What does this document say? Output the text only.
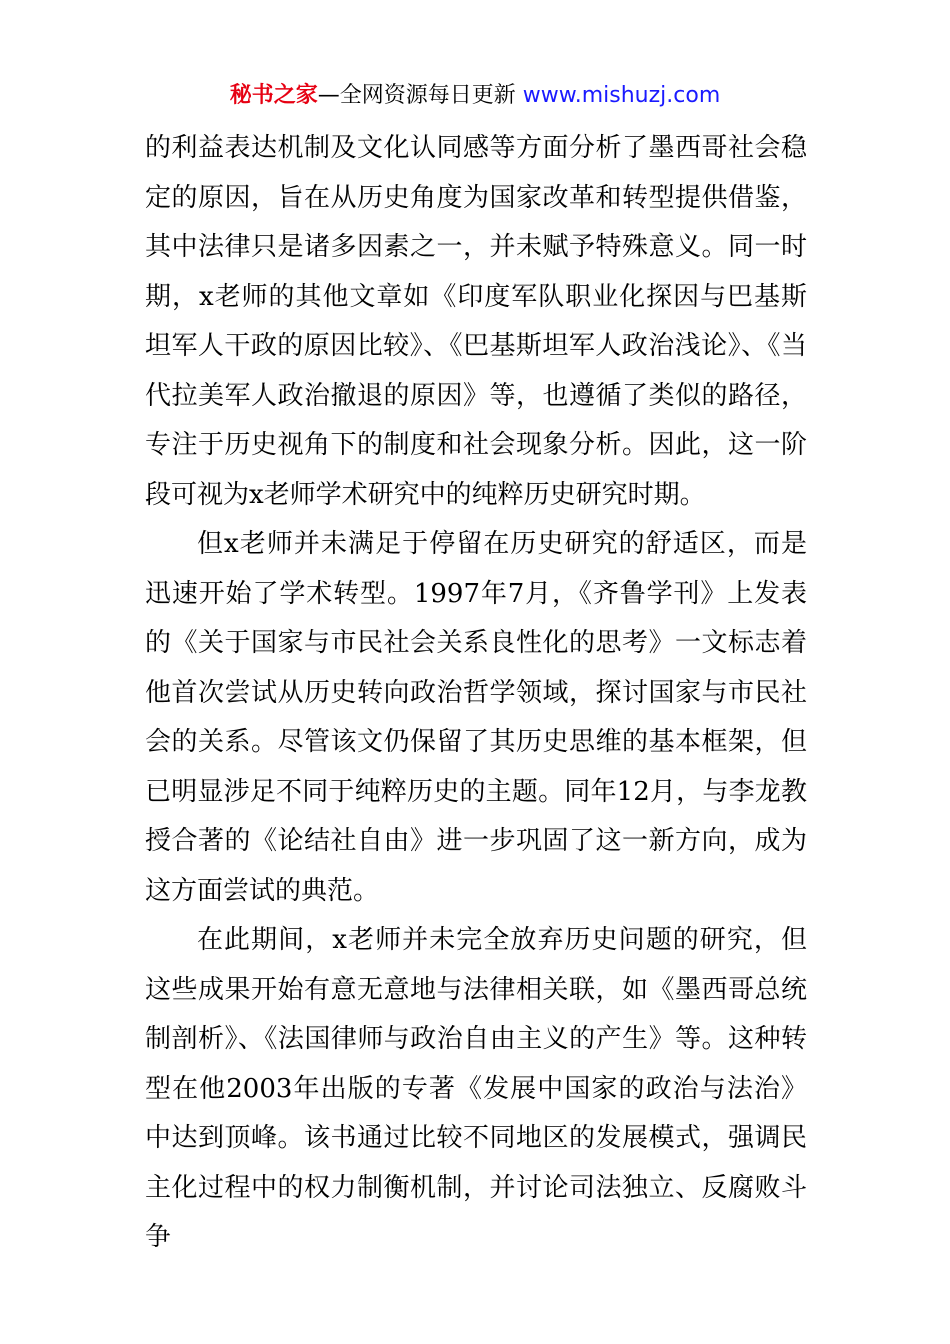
秘书之家—全网资源每日更新 www.mishuzj.com

的利益表达机制及文化认同感等方面分析了墨西哥社会稳定的原因，旨在从历史角度为国家改革和转型提供借鉴，其中法律只是诸多因素之一，并未赋予特殊意义。同一时期，x老师的其他文章如《印度军队职业化探因与巴基斯坦军人干政的原因比较》、《巴基斯坦军人政治浅论》、《当代拉美军人政治撤退的原因》等，也遵循了类似的路径，专注于历史视角下的制度和社会现象分析。因此，这一阶段可视为x老师学术研究中的纯粹历史研究时期。

但x老师并未满足于停留在历史研究的舒适区，而是迅速开始了学术转型。1997年7月，《齐鲁学刊》上发表的《关于国家与市民社会关系良性化的思考》一文标志着他首次尝试从历史转向政治哲学领域，探讨国家与市民社会的关系。尽管该文仍保留了其历史思维的基本框架，但已明显涉足不同于纯粹历史的主题。同年12月，与李龙教授合著的《论结社自由》进一步巩固了这一新方向，成为这方面尝试的典范。

在此期间，x老师并未完全放弃历史问题的研究，但这些成果开始有意无意地与法律相关联，如《墨西哥总统制剖析》、《法国律师与政治自由主义的产生》等。这种转型在他2003年出版的专著《发展中国家的政治与法治》中达到顶峰。该书通过比较不同地区的发展模式，强调民主化过程中的权力制衡机制，并讨论司法独立、反腐败斗争
